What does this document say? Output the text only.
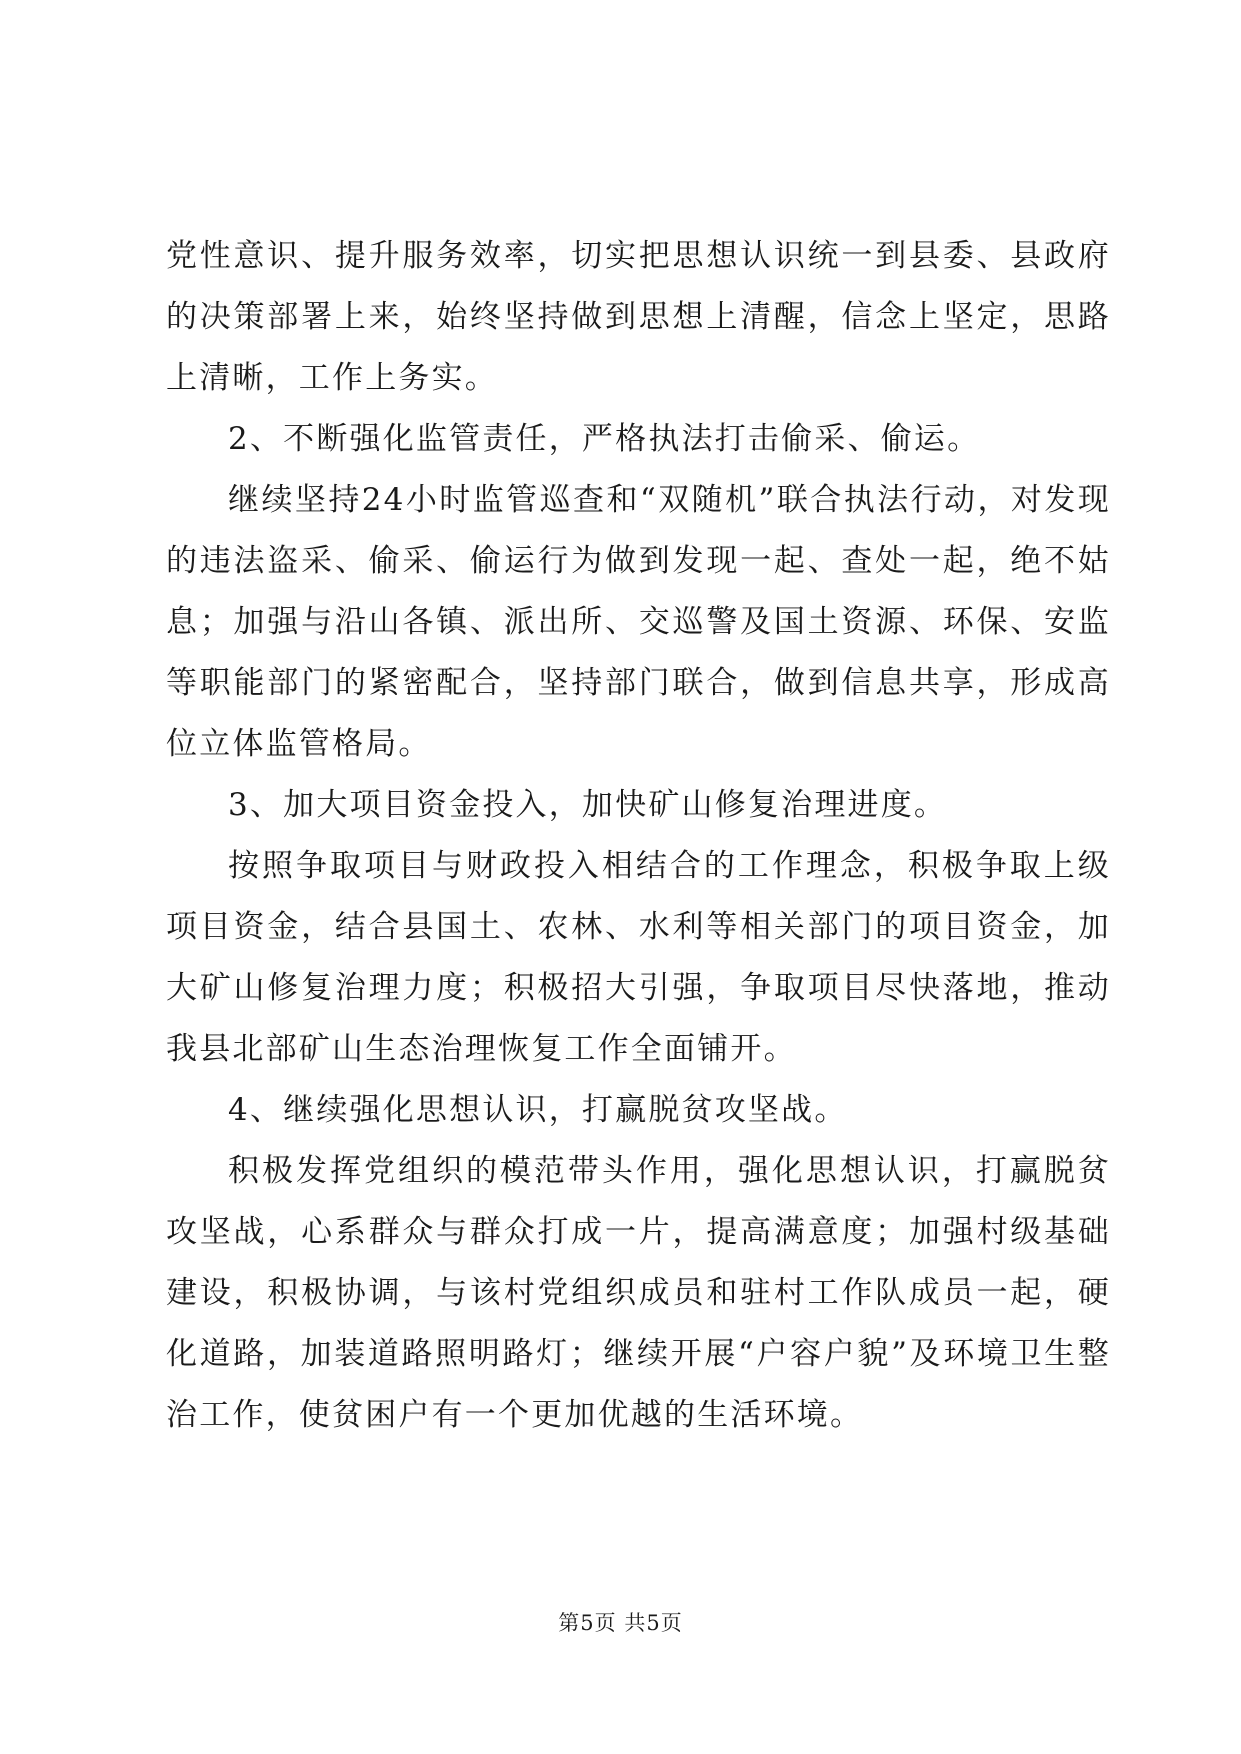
党性意识、提升服务效率，切实把思想认识统一到县委、县政府的决策部署上来，始终坚持做到思想上清醒，信念上坚定，思路上清晰，工作上务实。

2、不断强化监管责任，严格执法打击偷采、偷运。

继续坚持24小时监管巡查和“双随机”联合执法行动，对发现的违法盗采、偷采、偷运行为做到发现一起、查处一起，绝不姑息；加强与沿山各镇、派出所、交巡警及国土资源、环保、安监等职能部门的紧密配合，坚持部门联合，做到信息共享，形成高位立体监管格局。

3、加大项目资金投入，加快矿山修复治理进度。

按照争取项目与财政投入相结合的工作理念，积极争取上级项目资金，结合县国土、农林、水利等相关部门的项目资金，加大矿山修复治理力度；积极招大引强，争取项目尽快落地，推动我县北部矿山生态治理恢复工作全面铺开。

4、继续强化思想认识，打赢脱贫攻坚战。

积极发挥党组织的模范带头作用，强化思想认识，打赢脱贫攻坚战，心系群众与群众打成一片，提高满意度；加强村级基础建设，积极协调，与该村党组织成员和驻村工作队成员一起，硬化道路，加装道路照明路灯；继续开展“户容户貌”及环境卫生整治工作，使贫困户有一个更加优越的生活环境。

第5页 共5页
